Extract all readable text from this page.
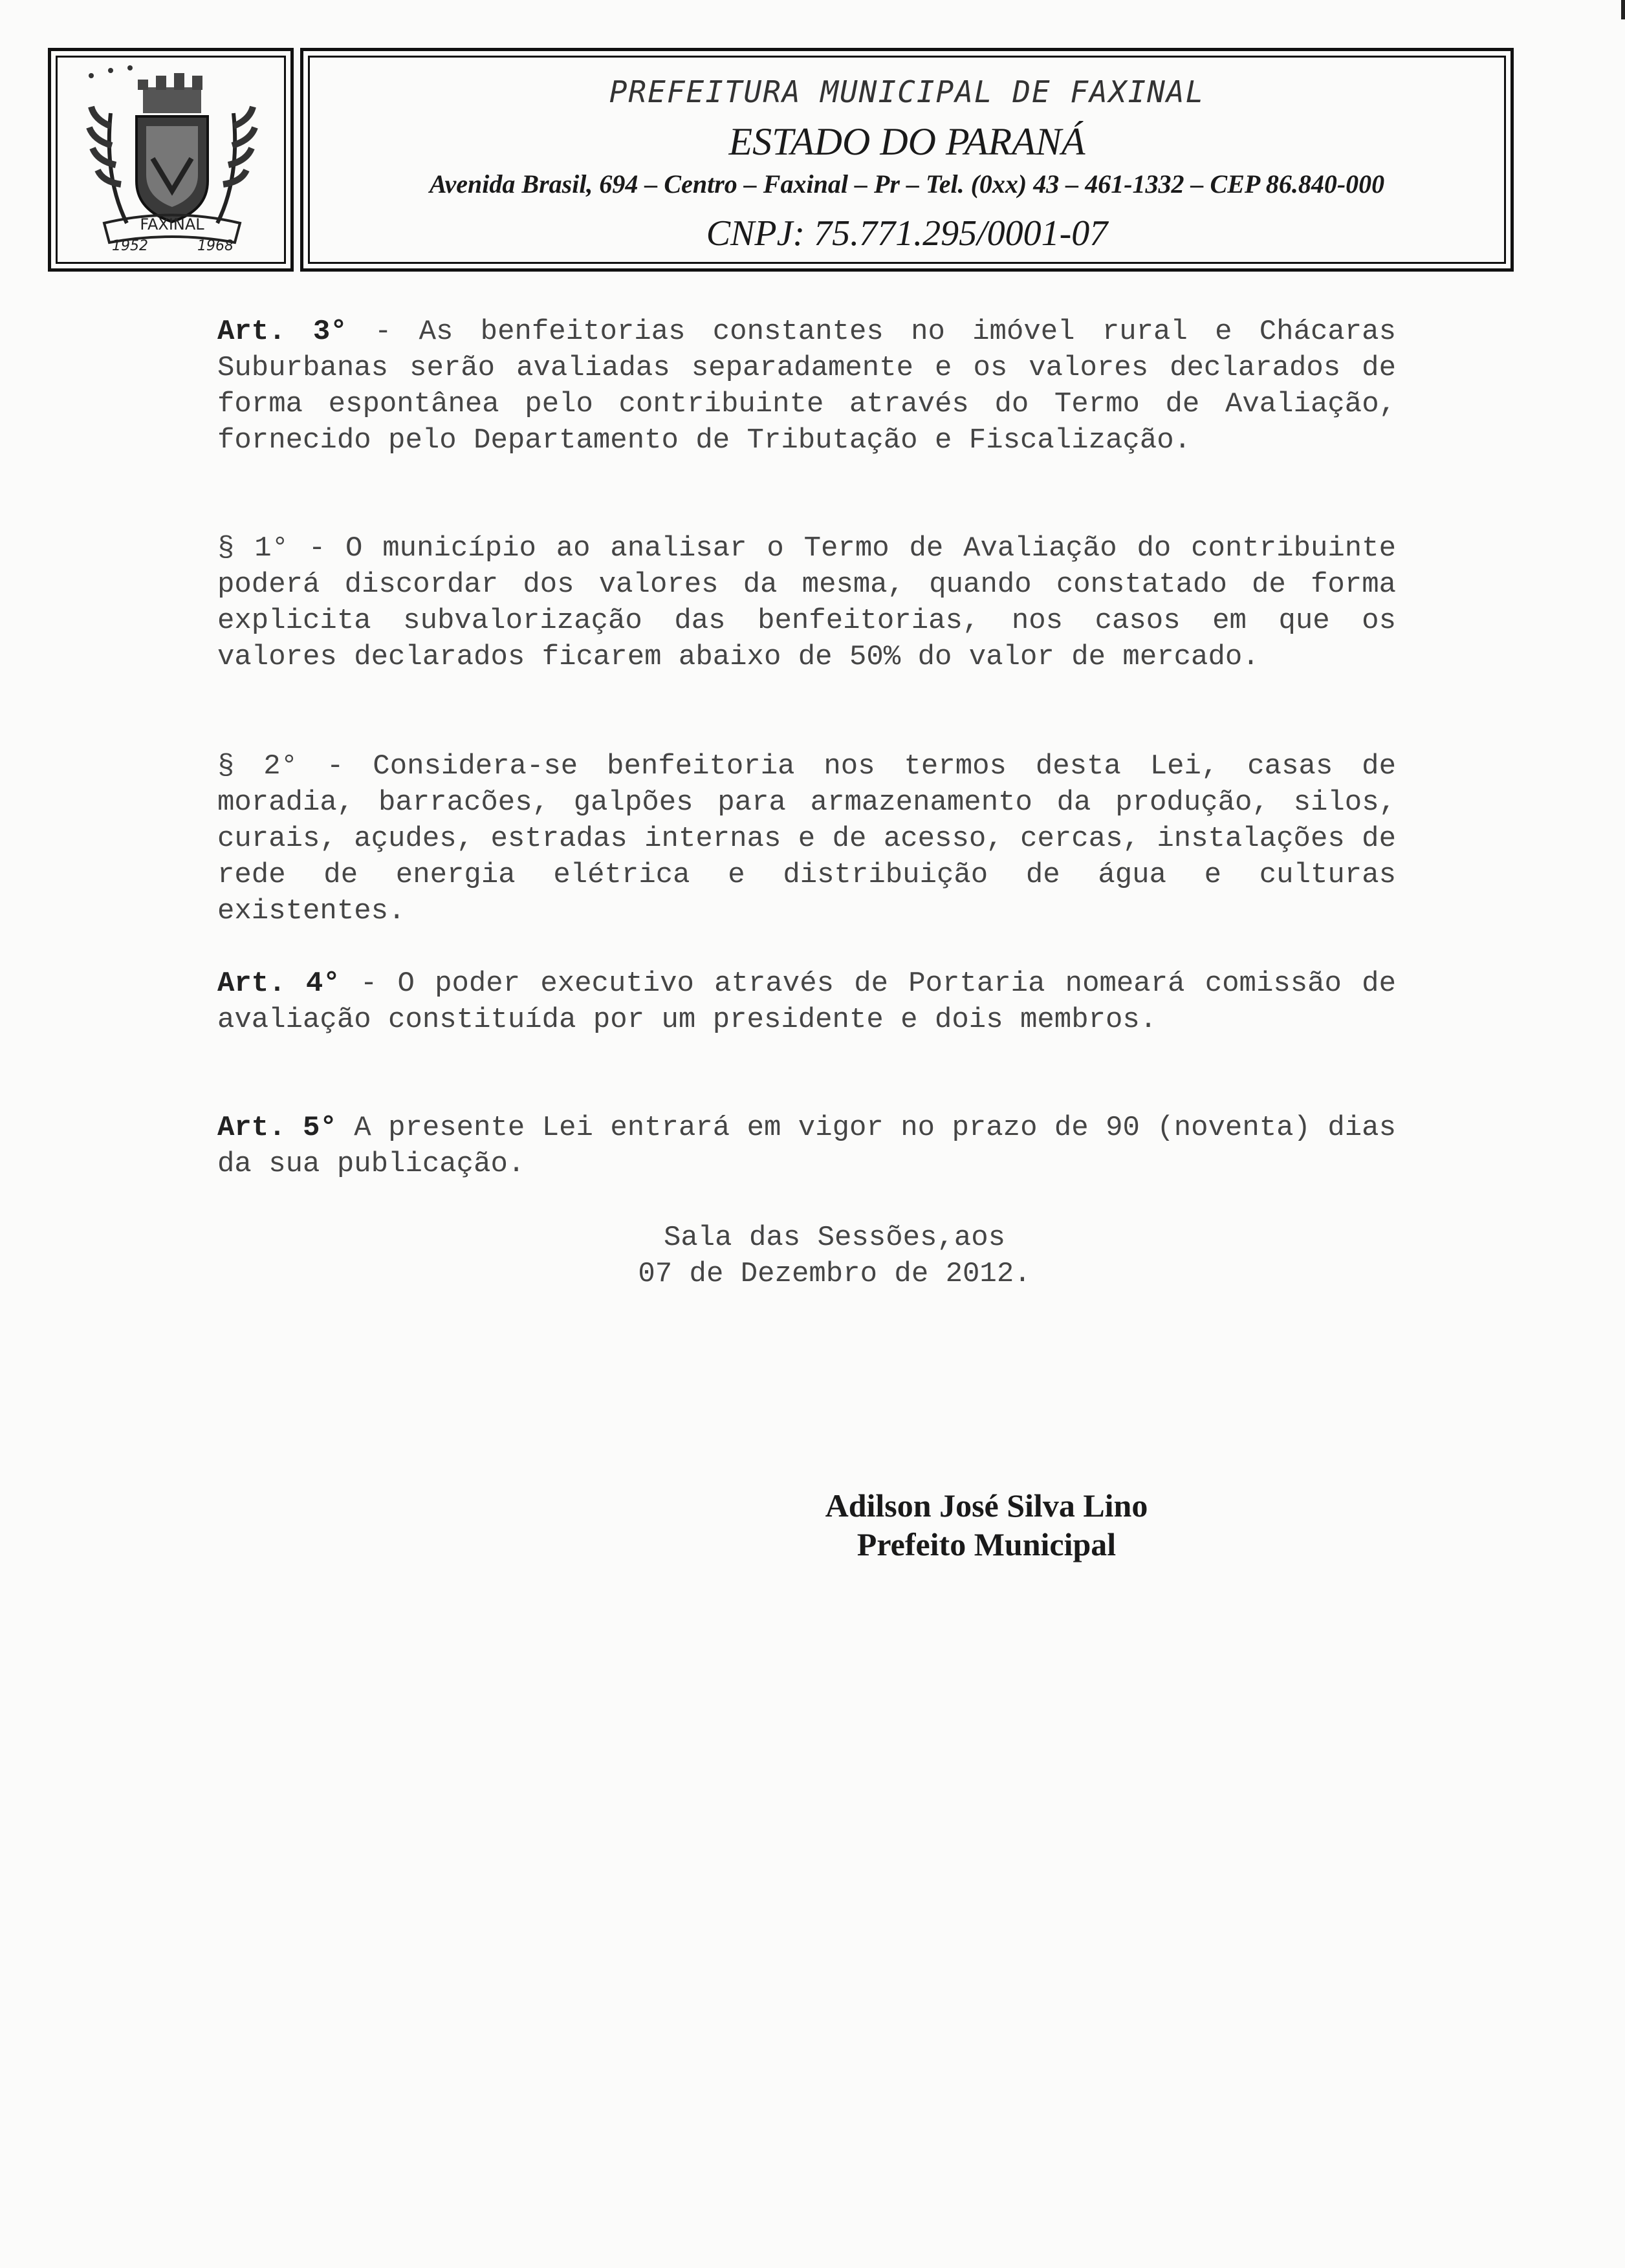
FAXINAL
1952	1968
PREFEITURA MUNICIPAL DE FAXINAL
ESTADO DO PARANÁ
Avenida Brasil, 694 – Centro – Faxinal – Pr – Tel. (0xx) 43 – 461-1332 – CEP 86.840-000
CNPJ: 75.771.295/0001-07
Art. 3° - As benfeitorias constantes no imóvel rural e Chácaras Suburbanas serão avaliadas separadamente e os valores declarados de forma espontânea pelo contribuinte através do Termo de Avaliação, fornecido pelo Departamento de Tributação e Fiscalização.
§ 1° - O município ao analisar o Termo de Avaliação do contribuinte poderá discordar dos valores da mesma, quando constatado de forma explicita subvalorização das benfeitorias, nos casos em que os valores declarados ficarem abaixo de 50% do valor de mercado.
§ 2° - Considera-se benfeitoria nos termos desta Lei, casas de moradia, barracões, galpões para armazenamento da produção, silos, curais, açudes, estradas internas e de acesso, cercas, instalações de rede de energia elétrica e distribuição de água e culturas existentes.
Art. 4° - O poder executivo através de Portaria nomeará comissão de avaliação constituída por um presidente e dois membros.
Art. 5° A presente Lei entrará em vigor no prazo de 90 (noventa) dias da sua publicação.
Sala das Sessões,aos
07 de Dezembro de 2012.
Adilson José Silva Lino
Prefeito Municipal
